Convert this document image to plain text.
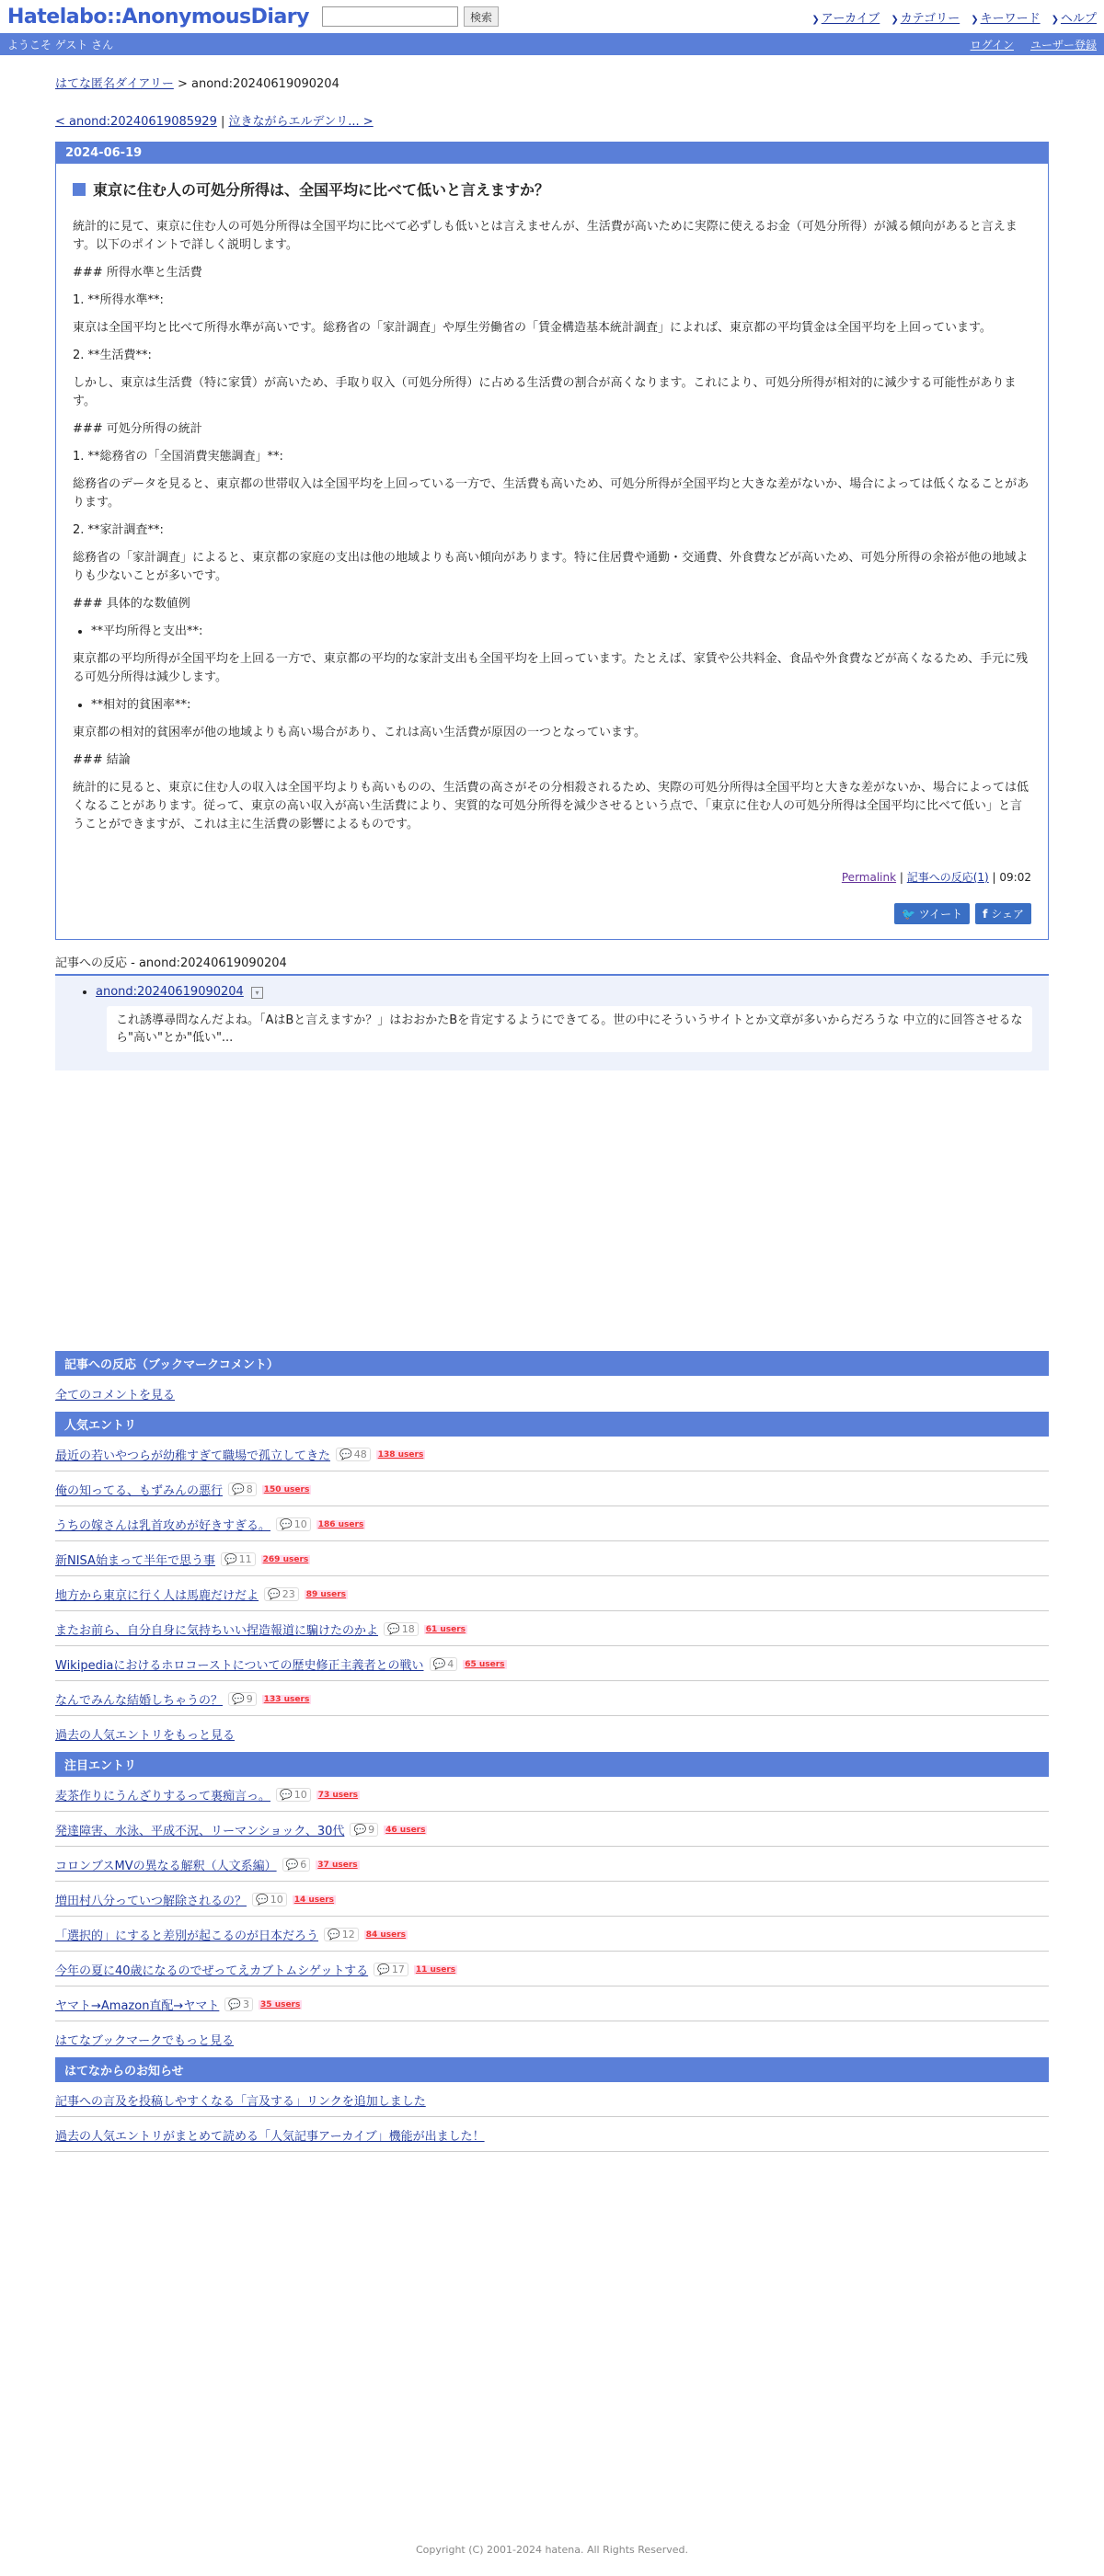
Hatelabo::AnonymousDiary	検索	❯ アーカイブ ❯ カテゴリー ❯ キーワード ❯ ヘルプ
ようこそ ゲスト さん	ログイン ユーザー登録
はてな匿名ダイアリー > anond:20240619090204
< anond:20240619085929 | 泣きながらエルデンリ... >
2024-06-19
東京に住む人の可処分所得は、全国平均に比べて低いと言えますか？

統計的に見て、東京に住む人の可処分所得は全国平均に比べて必ずしも低いとは言えませんが、生活費が高いために実際に使えるお金（可処分所得）が減る傾向があると言えます。以下のポイントで詳しく説明します。

### 所得水準と生活費

1. **所得水準**:

東京は全国平均と比べて所得水準が高いです。総務省の「家計調査」や厚生労働省の「賃金構造基本統計調査」によれば、東京都の平均賃金は全国平均を上回っています。

2. **生活費**:

しかし、東京は生活費（特に家賃）が高いため、手取り収入（可処分所得）に占める生活費の割合が高くなります。これにより、可処分所得が相対的に減少する可能性があります。

### 可処分所得の統計

1. **総務省の「全国消費実態調査」**:

総務省のデータを見ると、東京都の世帯収入は全国平均を上回っている一方で、生活費も高いため、可処分所得が全国平均と大きな差がないか、場合によっては低くなることがあります。

2. **家計調査**:

総務省の「家計調査」によると、東京都の家庭の支出は他の地域よりも高い傾向があります。特に住居費や通勤・交通費、外食費などが高いため、可処分所得の余裕が他の地域よりも少ないことが多いです。

### 具体的な数値例

• **平均所得と支出**:

東京都の平均所得が全国平均を上回る一方で、東京都の平均的な家計支出も全国平均を上回っています。たとえば、家賃や公共料金、食品や外食費などが高くなるため、手元に残る可処分所得は減少します。

• **相対的貧困率**:

東京都の相対的貧困率が他の地域よりも高い場合があり、これは高い生活費が原因の一つとなっています。

### 結論

統計的に見ると、東京に住む人の収入は全国平均よりも高いものの、生活費の高さがその分相殺されるため、実際の可処分所得は全国平均と大きな差がないか、場合によっては低くなることがあります。従って、東京の高い収入が高い生活費により、実質的な可処分所得を減少させるという点で、「東京に住む人の可処分所得は全国平均に比べて低い」と言うことができますが、これは主に生活費の影響によるものです。

Permalink | 記事への反応(1) | 09:02
🐦 ツイート f シェア
記事への反応 - anond:20240619090204
• anond:20240619090204 ▾
これ誘導尋問なんだよね。「AはBと言えますか？」はおおかたBを肯定するようにできてる。世の中にそういうサイトとか文章が多いからだろうな 中立的に回答させるなら"高い"とか"低い"...
記事への反応（ブックマークコメント）
全てのコメントを見る
人気エントリ
最近の若いやつらが幼稚すぎて職場で孤立してきた 💬 48 138 users
俺の知ってる、もずみんの悪行 💬 8 150 users
うちの嫁さんは乳首攻めが好きすぎる。 💬 10 186 users
新NISA始まって半年で思う事 💬 11 269 users
地方から東京に行く人は馬鹿だけだよ 💬 23 89 users
またお前ら、自分自身に気持ちいい捏造報道に騙けたのかよ 💬 18 61 users
Wikipediaにおけるホロコーストについての歴史修正主義者との戦い 💬 4 65 users
なんでみんな結婚しちゃうの？ 💬 9 133 users
過去の人気エントリをもっと見る
注目エントリ
麦茶作りにうんざりするって裏痴言っ。 💬 10 73 users
発達障害、水泳、平成不況、リーマンショック、30代 💬 9 46 users
コロンブスMVの異なる解釈（人文系編） 💬 6 37 users
増田村八分っていつ解除されるの？ 💬 10 14 users
「選択的」にすると差別が起こるのが日本だろう 💬 12 84 users
今年の夏に40歳になるのでぜってえカブトムシゲットする 💬 17 11 users
ヤマト→Amazon直配→ヤマト 💬 3 35 users
はてなブックマークでもっと見る
はてなからのお知らせ
記事への言及を投稿しやすくなる「言及する」リンクを追加しました
過去の人気エントリがまとめて読める「人気記事アーカイブ」機能が出ました！
Copyright (C) 2001-2024 hatena. All Rights Reserved.
